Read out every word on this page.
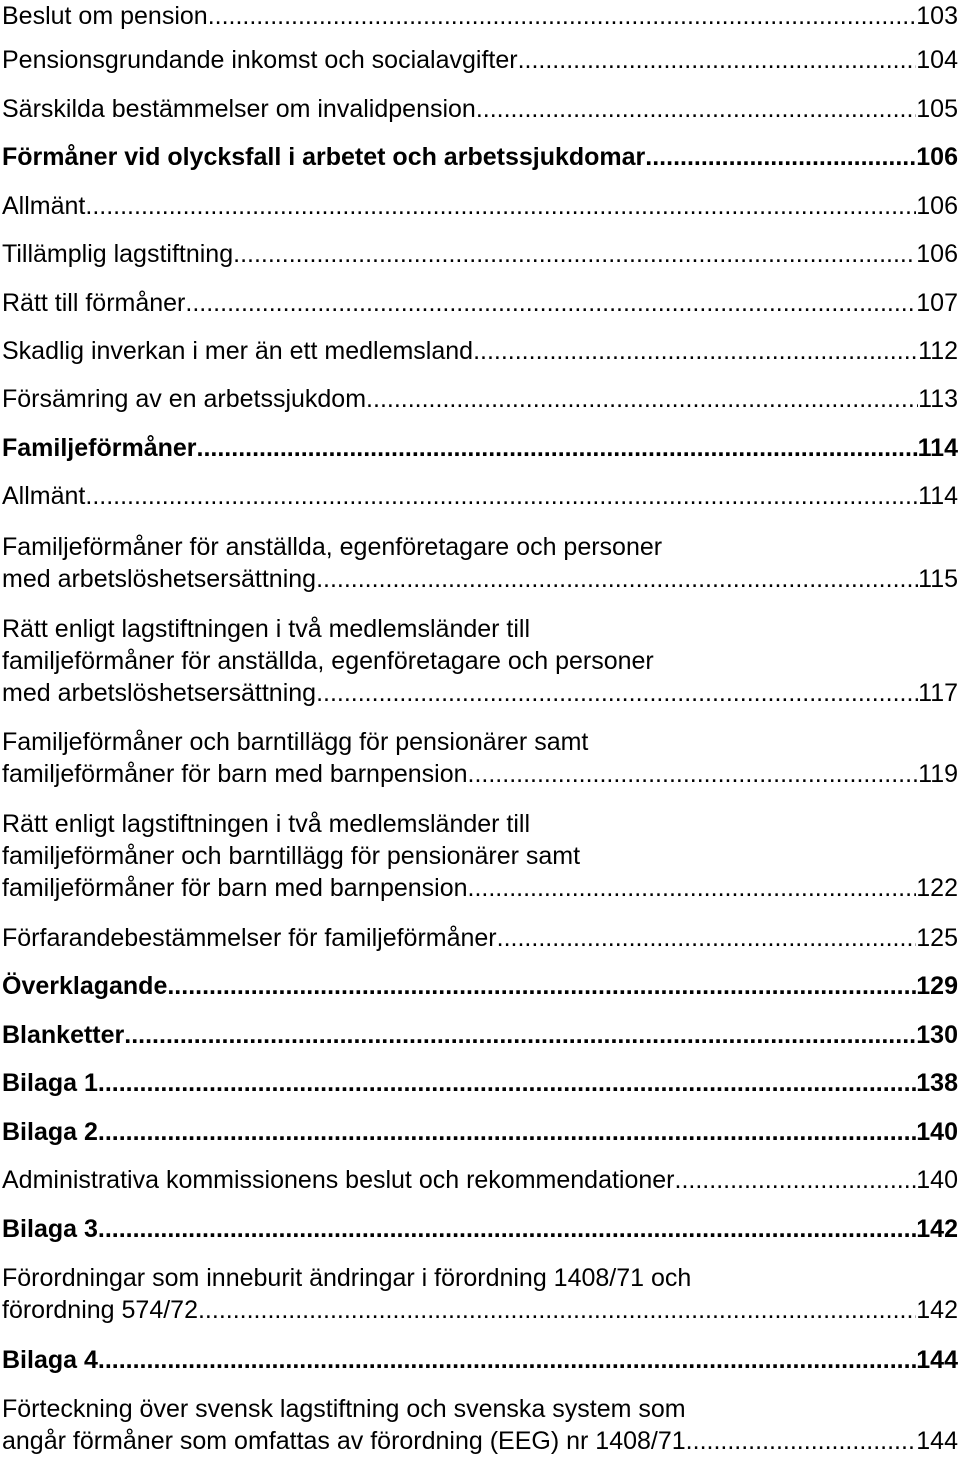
Beslut om pension .....	103
Pensionsgrundande inkomst och socialavgifter .....	104
Särskilda bestämmelser om invalidpension .....	105
Förmåner vid olycksfall i arbetet och arbetssjukdomar .....	106
Allmänt .....	106
Tillämplig lagstiftning .....	106
Rätt till förmåner .....	107
Skadlig inverkan i mer än ett medlemsland .....	112
Försämring av en arbetssjukdom .....	113
Familjeförmåner .....	114
Allmänt .....	114
Familjeförmåner för anställda, egenföretagare och personer
med arbetslöshetsersättning .....	115
Rätt enligt lagstiftningen i två medlemsländer till
familjeförmåner för anställda, egenföretagare och personer
med arbetslöshetsersättning .....	117
Familjeförmåner och barntillägg för pensionärer samt
familjeförmåner för barn med barnpension .....	119
Rätt enligt lagstiftningen i två medlemsländer till
familjeförmåner och barntillägg för pensionärer samt
familjeförmåner för barn med barnpension .....	122
Förfarandebestämmelser för familjeförmåner .....	125
Överklagande .....	129
Blanketter .....	130
Bilaga 1 .....	138
Bilaga 2 .....	140
Administrativa kommissionens beslut och rekommendationer .....	140
Bilaga 3 .....	142
Förordningar som inneburit ändringar i förordning 1408/71 och
förordning 574/72 .....	142
Bilaga 4 .....	144
Förteckning över svensk lagstiftning och svenska system som
angår förmåner som omfattas av förordning (EEG) nr 1408/71 .....	144
